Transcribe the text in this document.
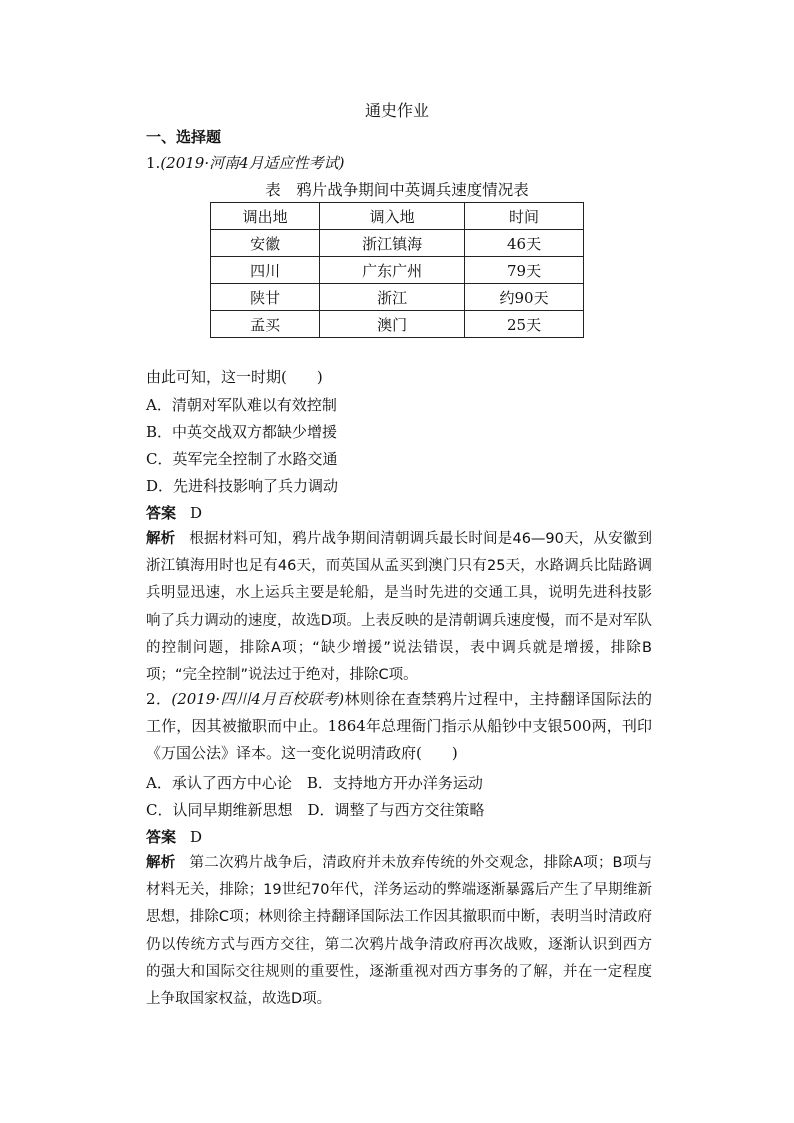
通史作业
一、选择题
1.(2019·河南4月适应性考试)
表　鸦片战争期间中英调兵速度情况表
调出地	调入地	时间
安徽	浙江镇海	46天
四川	广东广州	79天
陕甘	浙江	约90天
孟买	澳门	25天
由此可知，这一时期(　　)
A．清朝对军队难以有效控制
B．中英交战双方都缺少增援
C．英军完全控制了水路交通
D．先进科技影响了兵力调动
答案 D
解析 根据材料可知，鸦片战争期间清朝调兵最长时间是46—90天，从安徽到浙江镇海用时也足有46天，而英国从孟买到澳门只有25天，水路调兵比陆路调兵明显迅速，水上运兵主要是轮船，是当时先进的交通工具，说明先进科技影响了兵力调动的速度，故选D项。上表反映的是清朝调兵速度慢，而不是对军队的控制问题，排除A项；“缺少增援”说法错误，表中调兵就是增援，排除B项；“完全控制”说法过于绝对，排除C项。
2．(2019·四川4月百校联考)林则徐在查禁鸦片过程中，主持翻译国际法的工作，因其被撤职而中止。1864年总理衙门指示从船钞中支银500两，刊印《万国公法》译本。这一变化说明清政府(　　)
A．承认了西方中心论　B．支持地方开办洋务运动
C．认同早期维新思想　D．调整了与西方交往策略
答案 D
解析 第二次鸦片战争后，清政府并未放弃传统的外交观念，排除A项；B项与材料无关，排除；19世纪70年代，洋务运动的弊端逐渐暴露后产生了早期维新思想，排除C项；林则徐主持翻译国际法工作因其撤职而中断，表明当时清政府仍以传统方式与西方交往，第二次鸦片战争清政府再次战败，逐渐认识到西方的强大和国际交往规则的重要性，逐渐重视对西方事务的了解，并在一定程度上争取国家权益，故选D项。
